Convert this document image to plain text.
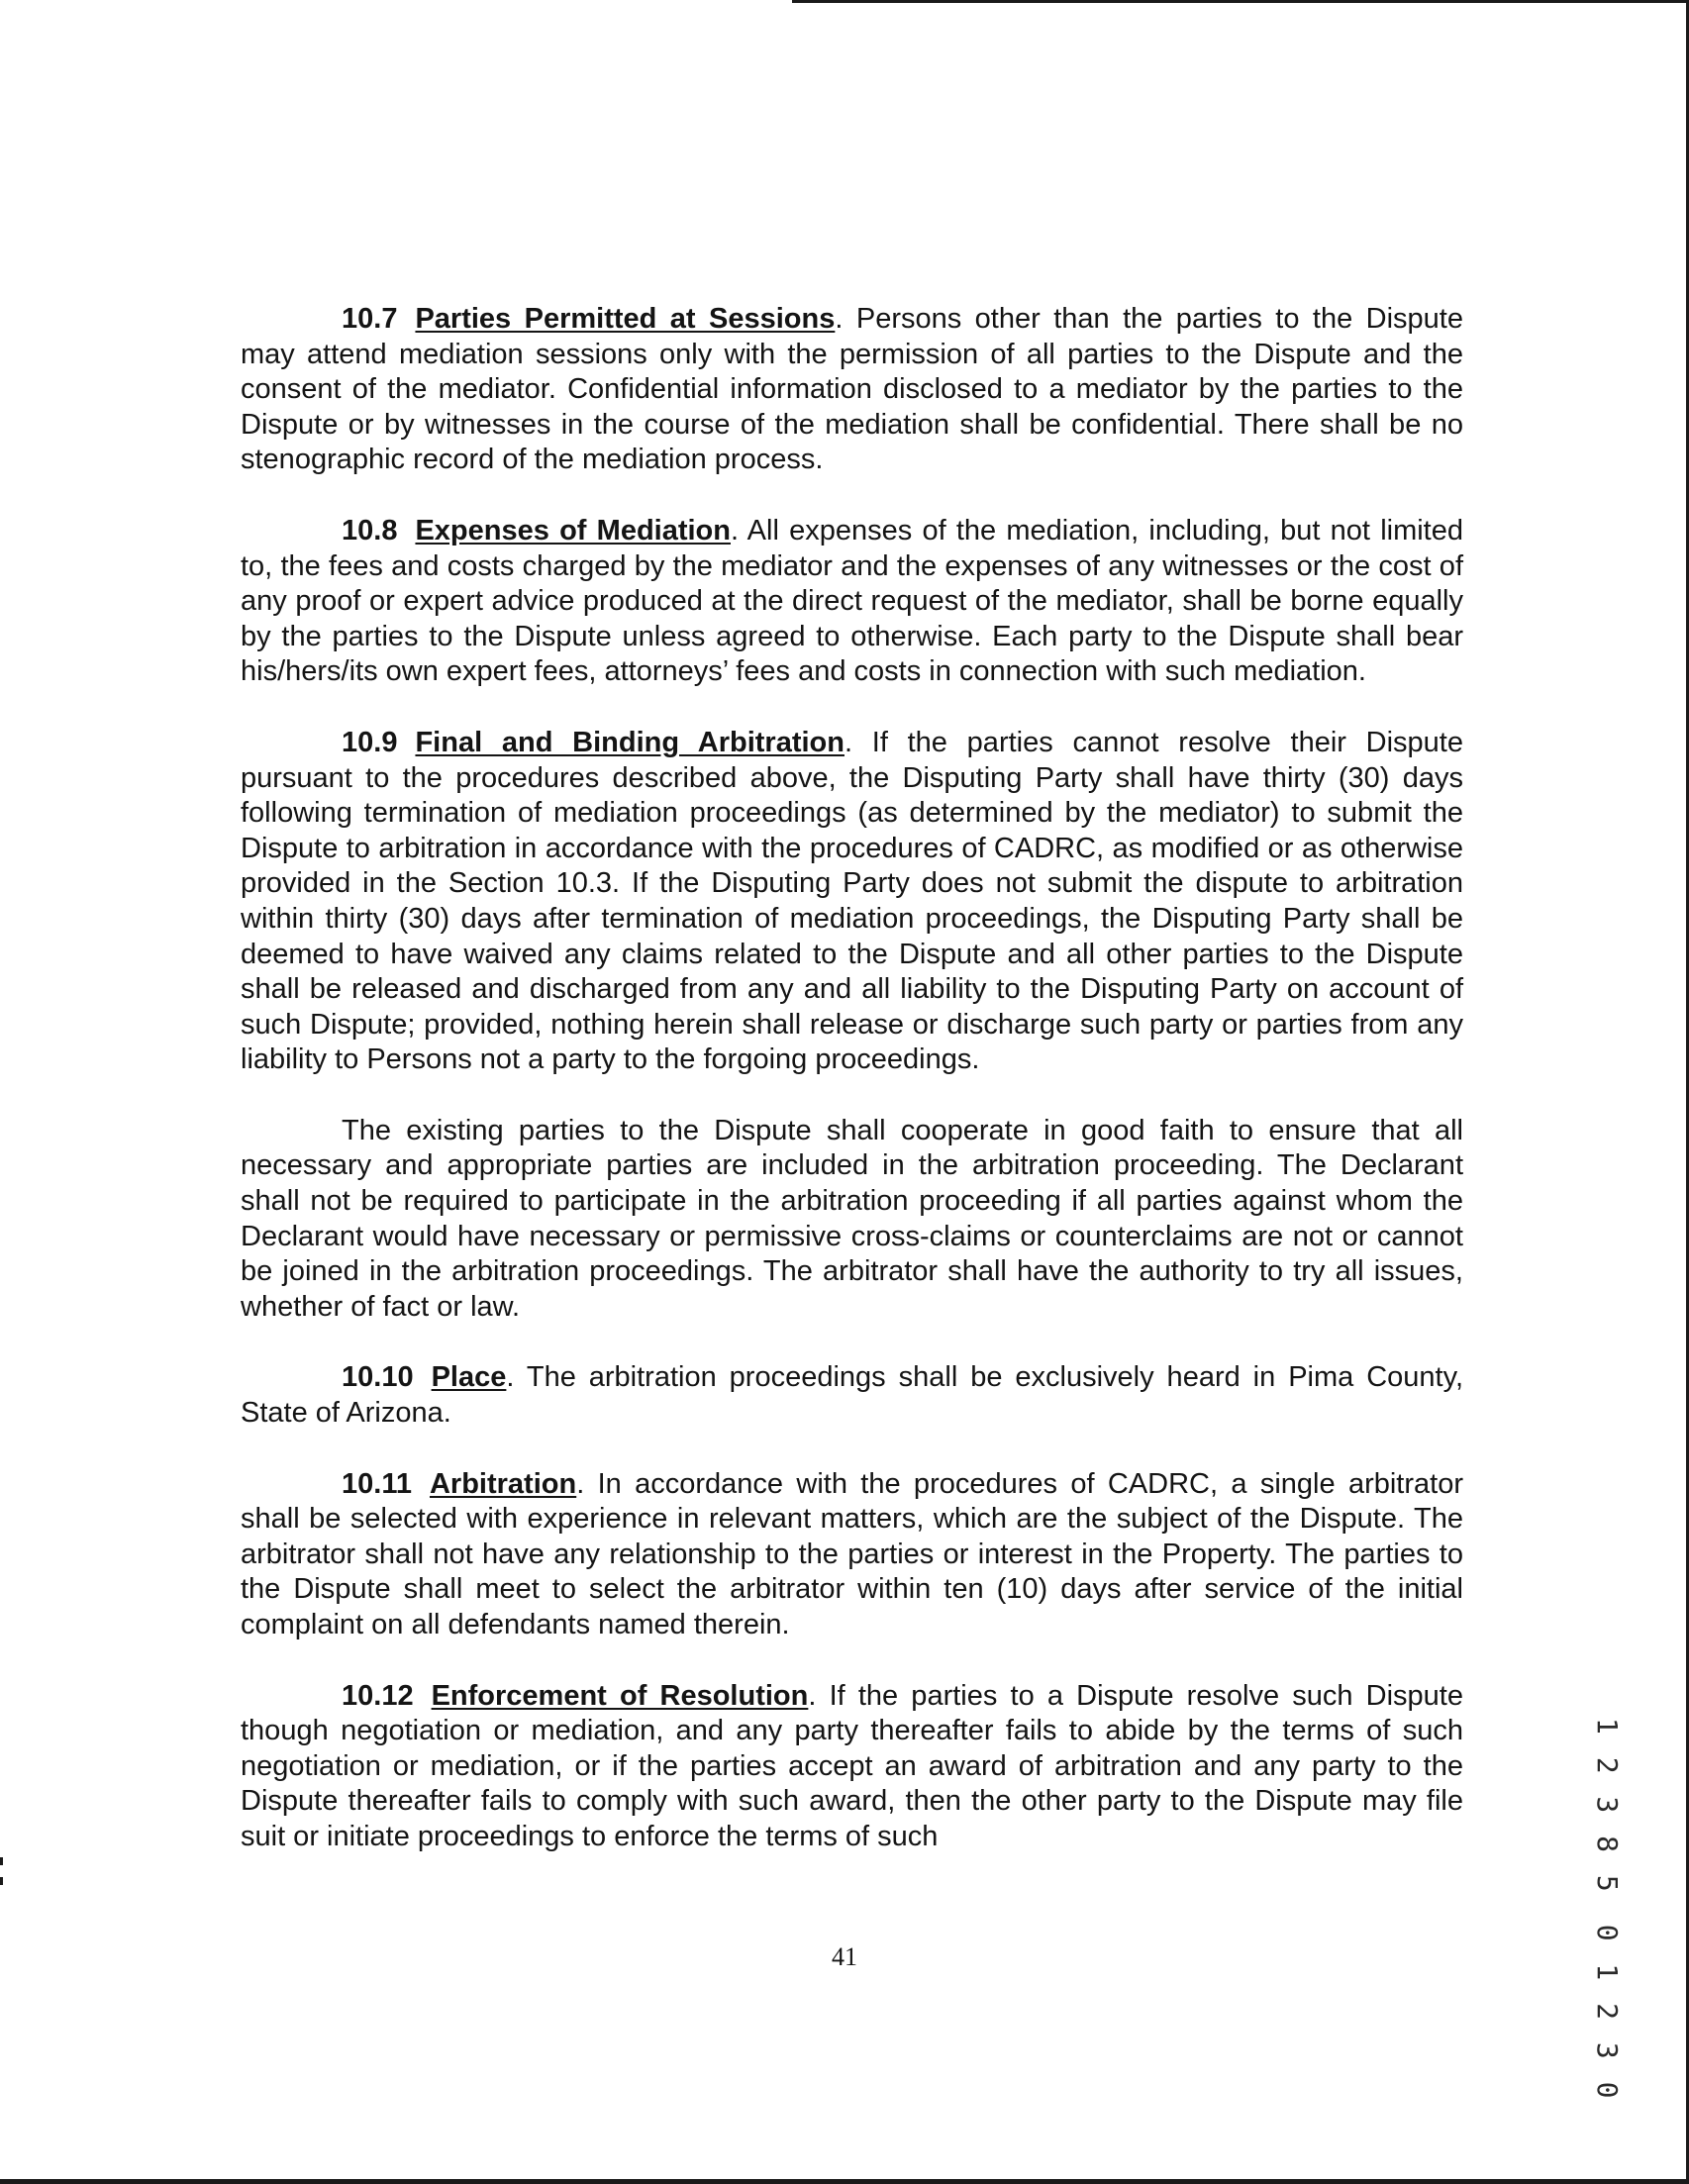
10.7 Parties Permitted at Sessions. Persons other than the parties to the Dispute may attend mediation sessions only with the permission of all parties to the Dispute and the consent of the mediator. Confidential information disclosed to a mediator by the parties to the Dispute or by witnesses in the course of the mediation shall be confidential. There shall be no stenographic record of the mediation process.

10.8 Expenses of Mediation. All expenses of the mediation, including, but not limited to, the fees and costs charged by the mediator and the expenses of any witnesses or the cost of any proof or expert advice produced at the direct request of the mediator, shall be borne equally by the parties to the Dispute unless agreed to otherwise. Each party to the Dispute shall bear his/hers/its own expert fees, attorneys’ fees and costs in connection with such mediation.

10.9 Final and Binding Arbitration. If the parties cannot resolve their Dispute pursuant to the procedures described above, the Disputing Party shall have thirty (30) days following termination of mediation proceedings (as determined by the mediator) to submit the Dispute to arbitration in accordance with the procedures of CADRC, as modified or as otherwise provided in the Section 10.3. If the Disputing Party does not submit the dispute to arbitration within thirty (30) days after termination of mediation proceedings, the Disputing Party shall be deemed to have waived any claims related to the Dispute and all other parties to the Dispute shall be released and discharged from any and all liability to the Disputing Party on account of such Dispute; provided, nothing herein shall release or discharge such party or parties from any liability to Persons not a party to the forgoing proceedings.

The existing parties to the Dispute shall cooperate in good faith to ensure that all necessary and appropriate parties are included in the arbitration proceeding. The Declarant shall not be required to participate in the arbitration proceeding if all parties against whom the Declarant would have necessary or permissive cross-claims or counterclaims are not or cannot be joined in the arbitration proceedings. The arbitrator shall have the authority to try all issues, whether of fact or law.

10.10 Place. The arbitration proceedings shall be exclusively heard in Pima County, State of Arizona.

10.11 Arbitration. In accordance with the procedures of CADRC, a single arbitrator shall be selected with experience in relevant matters, which are the subject of the Dispute. The arbitrator shall not have any relationship to the parties or interest in the Property. The parties to the Dispute shall meet to select the arbitrator within ten (10) days after service of the initial complaint on all defendants named therein.

10.12 Enforcement of Resolution. If the parties to a Dispute resolve such Dispute though negotiation or mediation, and any party thereafter fails to abide by the terms of such negotiation or mediation, or if the parties accept an award of arbitration and any party to the Dispute thereafter fails to comply with such award, then the other party to the Dispute may file suit or initiate proceedings to enforce the terms of such

41
1 2 3 8 50 1 2 3 0
